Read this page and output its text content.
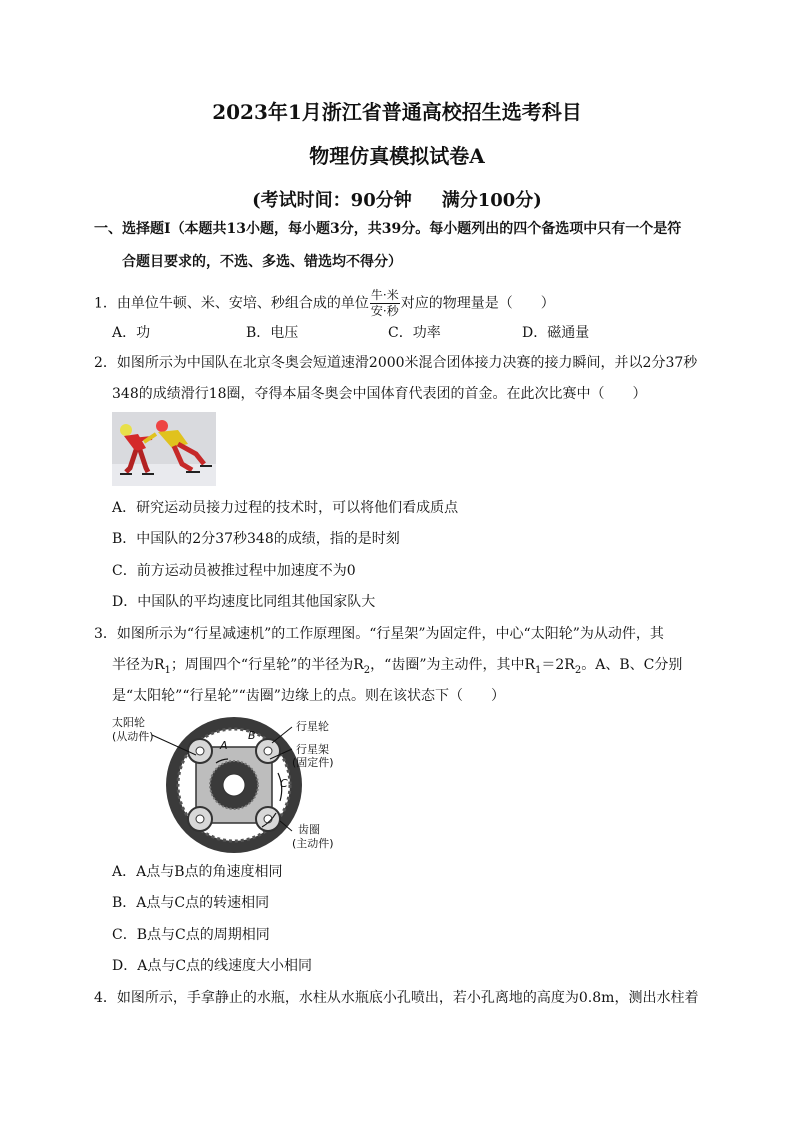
2023年1月浙江省普通高校招生选考科目
物理仿真模拟试卷A
(考试时间：90分钟 满分100分)
一、选择题Ⅰ（本题共13小题，每小题3分，共39分。每小题列出的四个备选项中只有一个是符
合题目要求的，不选、多选、错选均不得分）
1．由单位牛顿、米、安培、秒组合成的单位 $\frac{\text{牛·米}}{\text{安·秒}}$ 对应的物理量是（　　）
A．功	B．电压	C．功率	D．磁通量
2．如图所示为中国队在北京冬奥会短道速滑2000米混合团体接力决赛的接力瞬间，并以2分37秒
348的成绩滑行18圈，夺得本届冬奥会中国体育代表团的首金。在此次比赛中（　　）
A．研究运动员接力过程的技术时，可以将他们看成质点
B．中国队的2分37秒348的成绩，指的是时刻
C．前方运动员被推过程中加速度不为0
D．中国队的平均速度比同组其他国家队大
3．如图所示为“行星减速机”的工作原理图。“行星架”为固定件，中心“太阳轮”为从动件，其
半径为$R_1$；周围四个“行星轮”的半径为$R_2$，“齿圈”为主动件，其中$R_1=2R_2$。A、B、C分别
是“太阳轮”“行星轮”“齿圈”边缘上的点。则在该状态下（　　）
太阳轮
(从动件)
行星轮
行星架
(固定件)
齿圈
(主动件)
A
B
C
A．A点与B点的角速度相同
B．A点与C点的转速相同
C．B点与C点的周期相同
D．A点与C点的线速度大小相同
4．如图所示，手拿静止的水瓶，水柱从水瓶底小孔喷出，若小孔离地的高度为0.8m，测出水柱着
